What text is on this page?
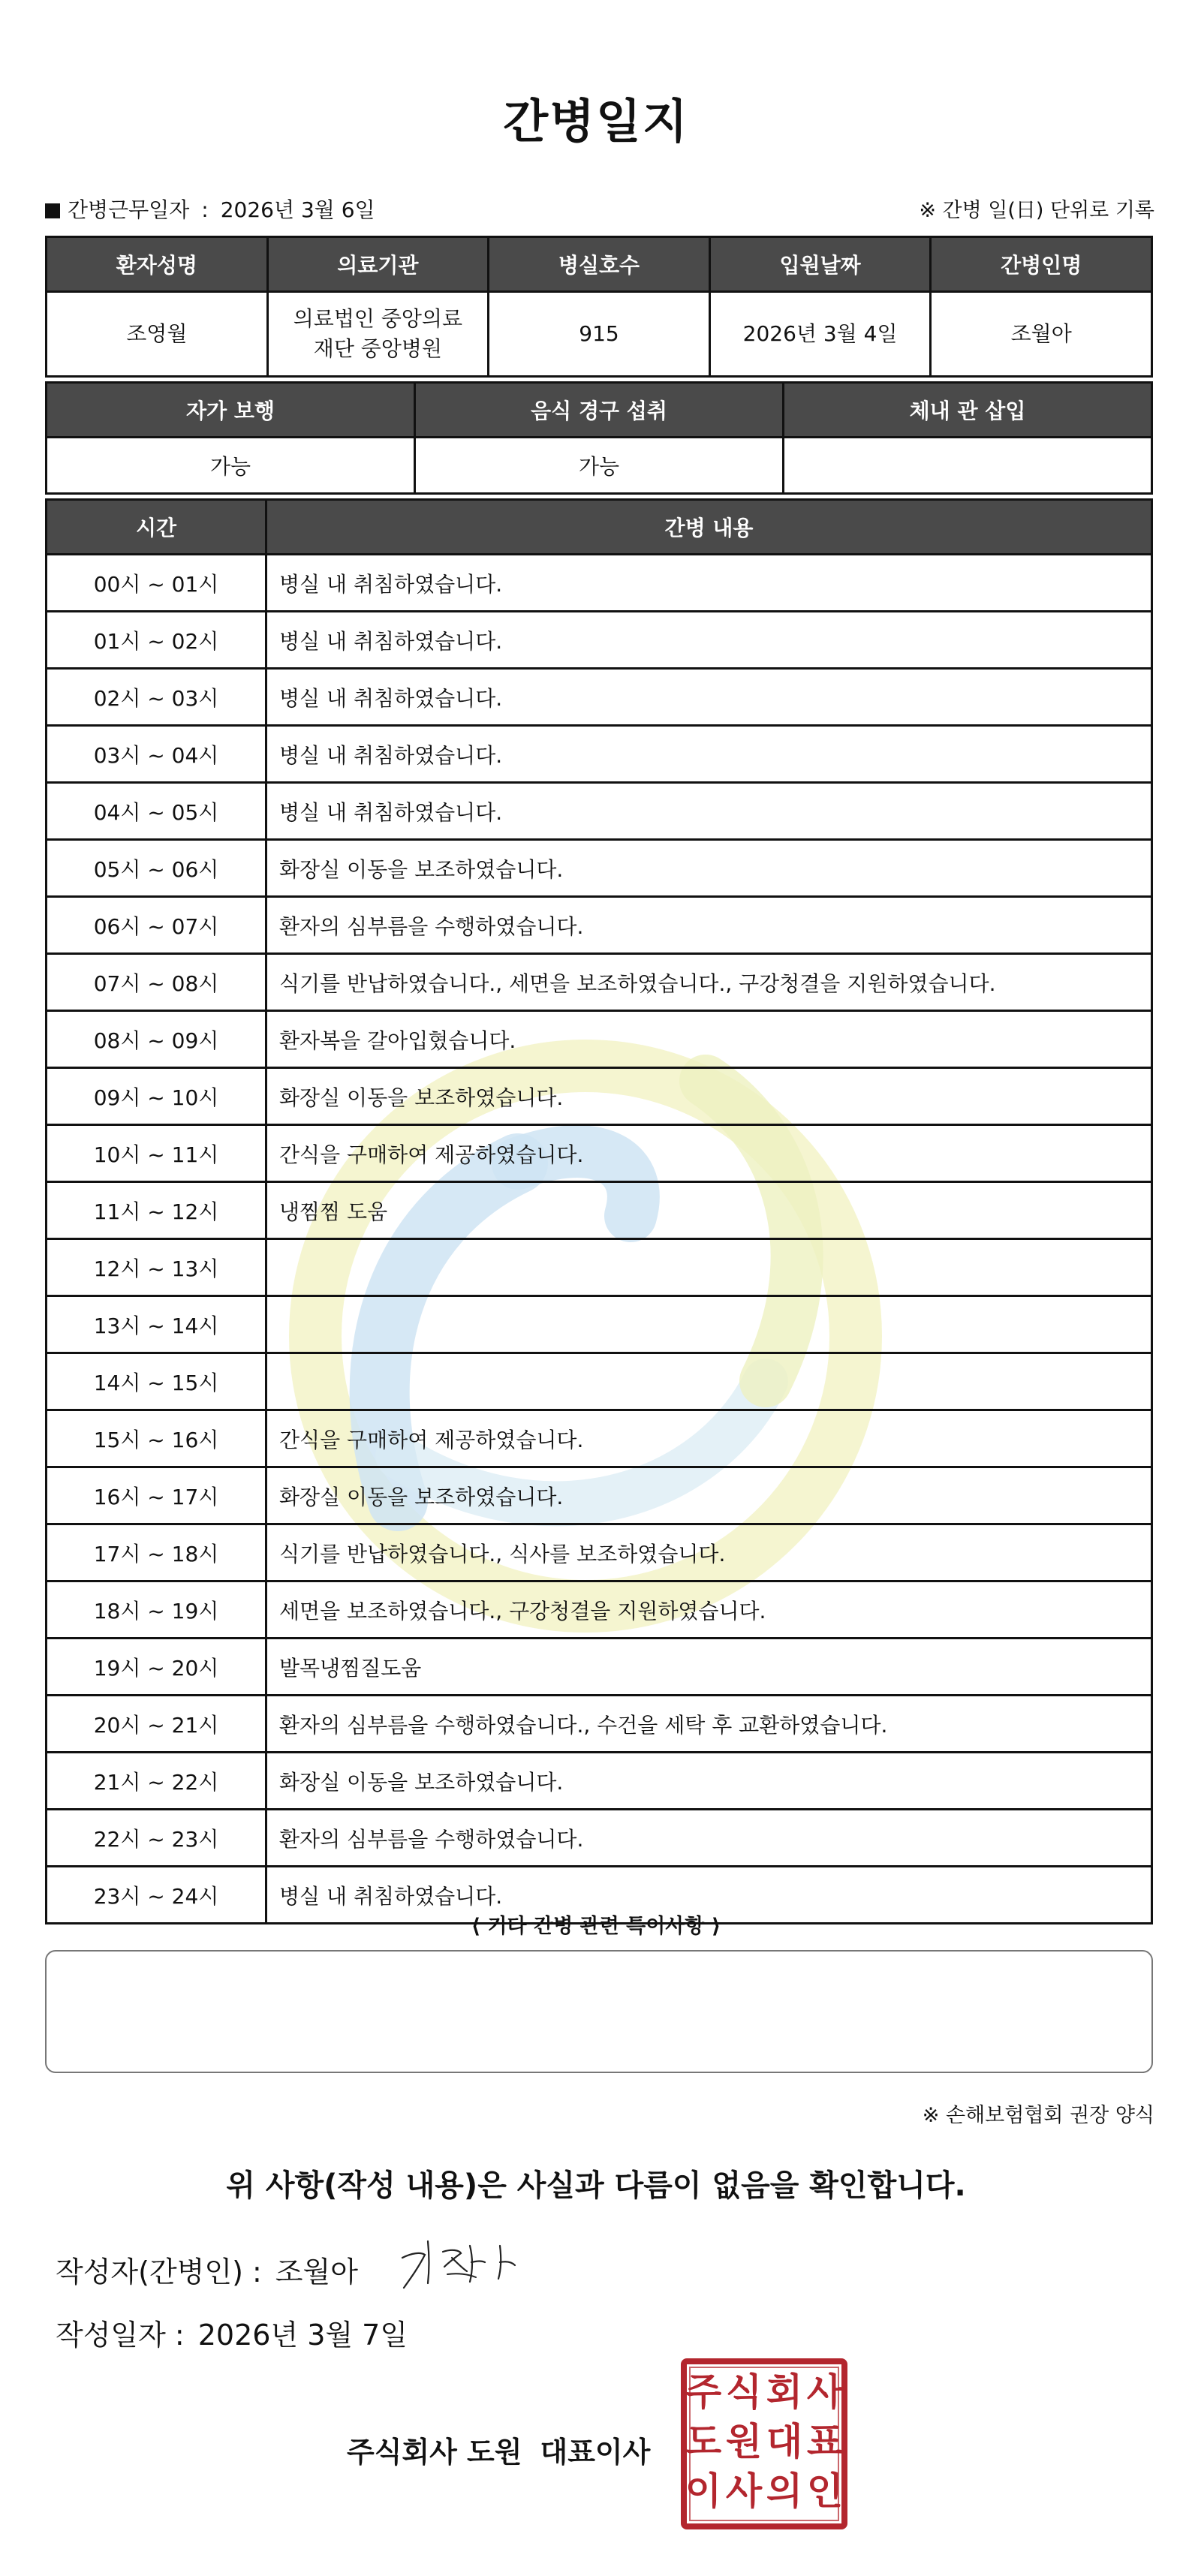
간병일지
간병근무일자 : 2026년 3월 6일	※ 간병 일(日) 단위로 기록
환자성명	의료기관	병실호수	입원날짜	간병인명
조영월	의료법인 중앙의료재단 중앙병원	915	2026년 3월 4일	조월아
자가 보행	음식 경구 섭취	체내 관 삽입
가능	가능	
시간	간병 내용
00시 ~ 01시	병실 내 취침하였습니다.
01시 ~ 02시	병실 내 취침하였습니다.
02시 ~ 03시	병실 내 취침하였습니다.
03시 ~ 04시	병실 내 취침하였습니다.
04시 ~ 05시	병실 내 취침하였습니다.
05시 ~ 06시	화장실 이동을 보조하였습니다.
06시 ~ 07시	환자의 심부름을 수행하였습니다.
07시 ~ 08시	식기를 반납하였습니다., 세면을 보조하였습니다., 구강청결을 지원하였습니다.
08시 ~ 09시	환자복을 갈아입혔습니다.
09시 ~ 10시	화장실 이동을 보조하였습니다.
10시 ~ 11시	간식을 구매하여 제공하였습니다.
11시 ~ 12시	냉찜찜 도움
12시 ~ 13시	
13시 ~ 14시	
14시 ~ 15시	
15시 ~ 16시	간식을 구매하여 제공하였습니다.
16시 ~ 17시	화장실 이동을 보조하였습니다.
17시 ~ 18시	식기를 반납하였습니다., 식사를 보조하였습니다.
18시 ~ 19시	세면을 보조하였습니다., 구강청결을 지원하였습니다.
19시 ~ 20시	발목냉찜질도움
20시 ~ 21시	환자의 심부름을 수행하였습니다., 수건을 세탁 후 교환하였습니다.
21시 ~ 22시	화장실 이동을 보조하였습니다.
22시 ~ 23시	환자의 심부름을 수행하였습니다.
23시 ~ 24시	병실 내 취침하였습니다.
⟨ 기타 간병 관련 특이사항 ⟩
※ 손해보험협회 권장 양식
위 사항(작성 내용)은 사실과 다름이 없음을 확인합니다.
작성자(간병인) : 조월아
작성일자 : 2026년 3월 7일
주식회사 도원 대표이사
주 식 회 사
도 원 대 표
이 사 의 인
